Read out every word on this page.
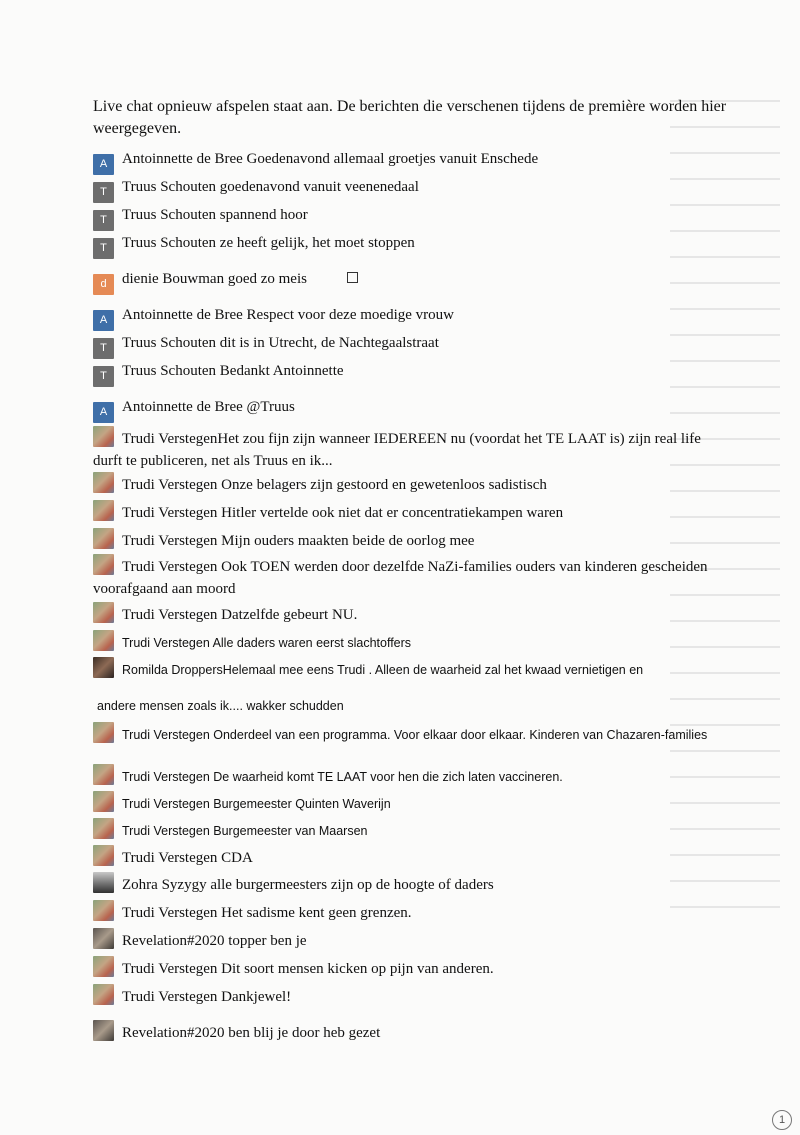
Live chat opnieuw afspelen staat aan. De berichten die verschenen tijdens de première worden hier weergegeven.
A Antoinnette de Bree Goedenavond allemaal groetjes vanuit Enschede
T Truus Schouten goedenavond vanuit veenenedaal
T Truus Schouten spannend hoor
T Truus Schouten ze heeft gelijk, het moet stoppen
d dienie Bouwman goed zo meis
A Antoinnette de Bree Respect voor deze moedige vrouw
T Truus Schouten dit is in Utrecht, de Nachtegaalstraat
T Truus Schouten Bedankt Antoinnette
A Antoinnette de Bree @Truus
Trudi VerstegenHet zou fijn zijn wanneer IEDEREEN nu (voordat het TE LAAT is) zijn real life durft te publiceren, net als Truus en ik...
Trudi Verstegen Onze belagers zijn gestoord en gewetenloos sadistisch
Trudi Verstegen Hitler vertelde ook niet dat er concentratiekampen waren
Trudi Verstegen Mijn ouders maakten beide de oorlog mee
Trudi Verstegen Ook TOEN werden door dezelfde NaZi-families ouders van kinderen gescheiden voorafgaand aan moord
Trudi Verstegen Datzelfde gebeurt NU.
Trudi Verstegen Alle daders waren eerst slachtoffers
Romilda DroppersHelemaal mee eens Trudi . Alleen de waarheid zal het kwaad vernietigen en
andere mensen zoals ik.... wakker schudden
Trudi Verstegen Onderdeel van een programma. Voor elkaar door elkaar. Kinderen van Chazaren-families
Trudi Verstegen De waarheid komt TE LAAT voor hen die zich laten vaccineren.
Trudi Verstegen Burgemeester Quinten Waverijn
Trudi Verstegen Burgemeester van Maarsen
Trudi Verstegen CDA
Zohra Syzygy alle burgermeesters zijn op de hoogte of daders
Trudi Verstegen Het sadisme kent geen grenzen.
Revelation#2020 topper ben je
Trudi Verstegen Dit soort mensen kicken op pijn van anderen.
Trudi Verstegen Dankjewel!
Revelation#2020 ben blij je door heb gezet
1
